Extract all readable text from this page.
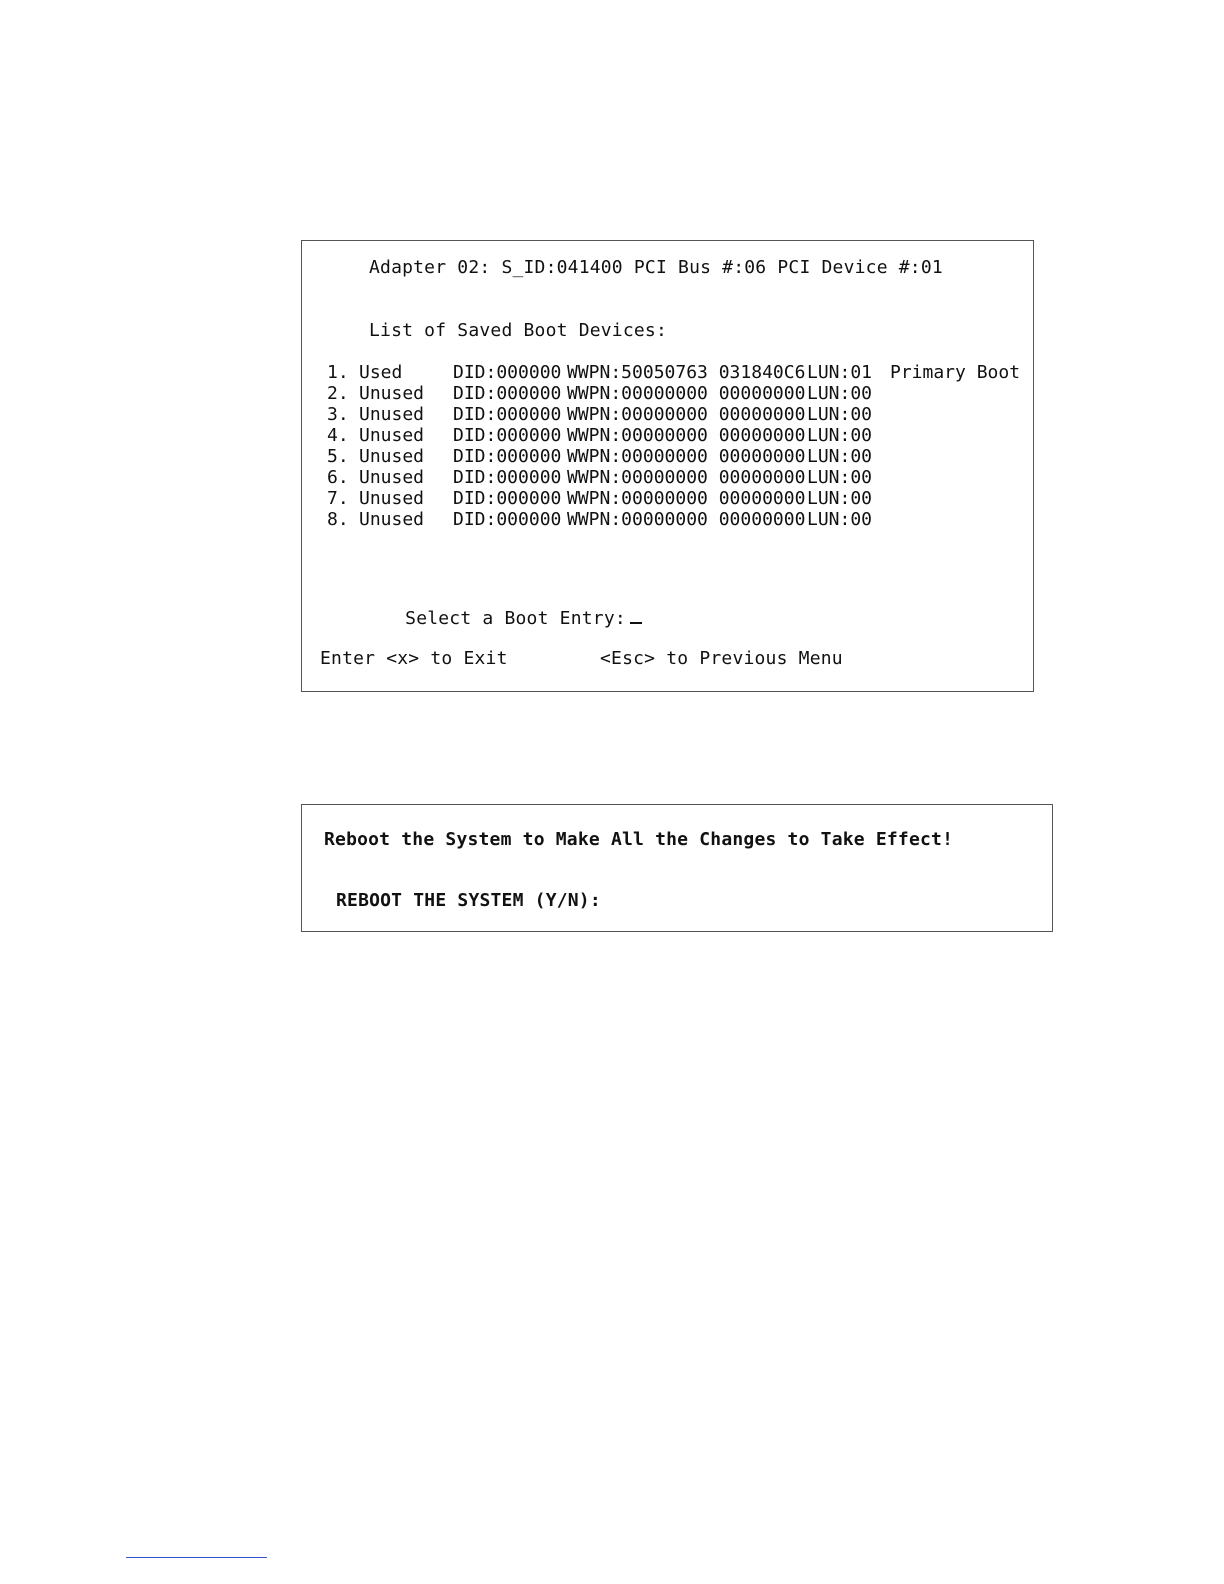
Adapter 02: S_ID:041400 PCI Bus #:06 PCI Device #:01
List of Saved Boot Devices:
1. Used	DID:000000 WWPN:50050763 031840C6 LUN:01 Primary Boot
2. Unused DID:000000 WWPN:00000000 00000000 LUN:00
3. Unused DID:000000 WWPN:00000000 00000000 LUN:00
4. Unused DID:000000 WWPN:00000000 00000000 LUN:00
5. Unused DID:000000 WWPN:00000000 00000000 LUN:00
6. Unused DID:000000 WWPN:00000000 00000000 LUN:00
7. Unused DID:000000 WWPN:00000000 00000000 LUN:00
8. Unused DID:000000 WWPN:00000000 00000000 LUN:00

Select a Boot Entry:

Enter <x> to Exit	<Esc> to Previous Menu
Reboot the System to Make All the Changes to Take Effect!
REBOOT THE SYSTEM (Y/N):
